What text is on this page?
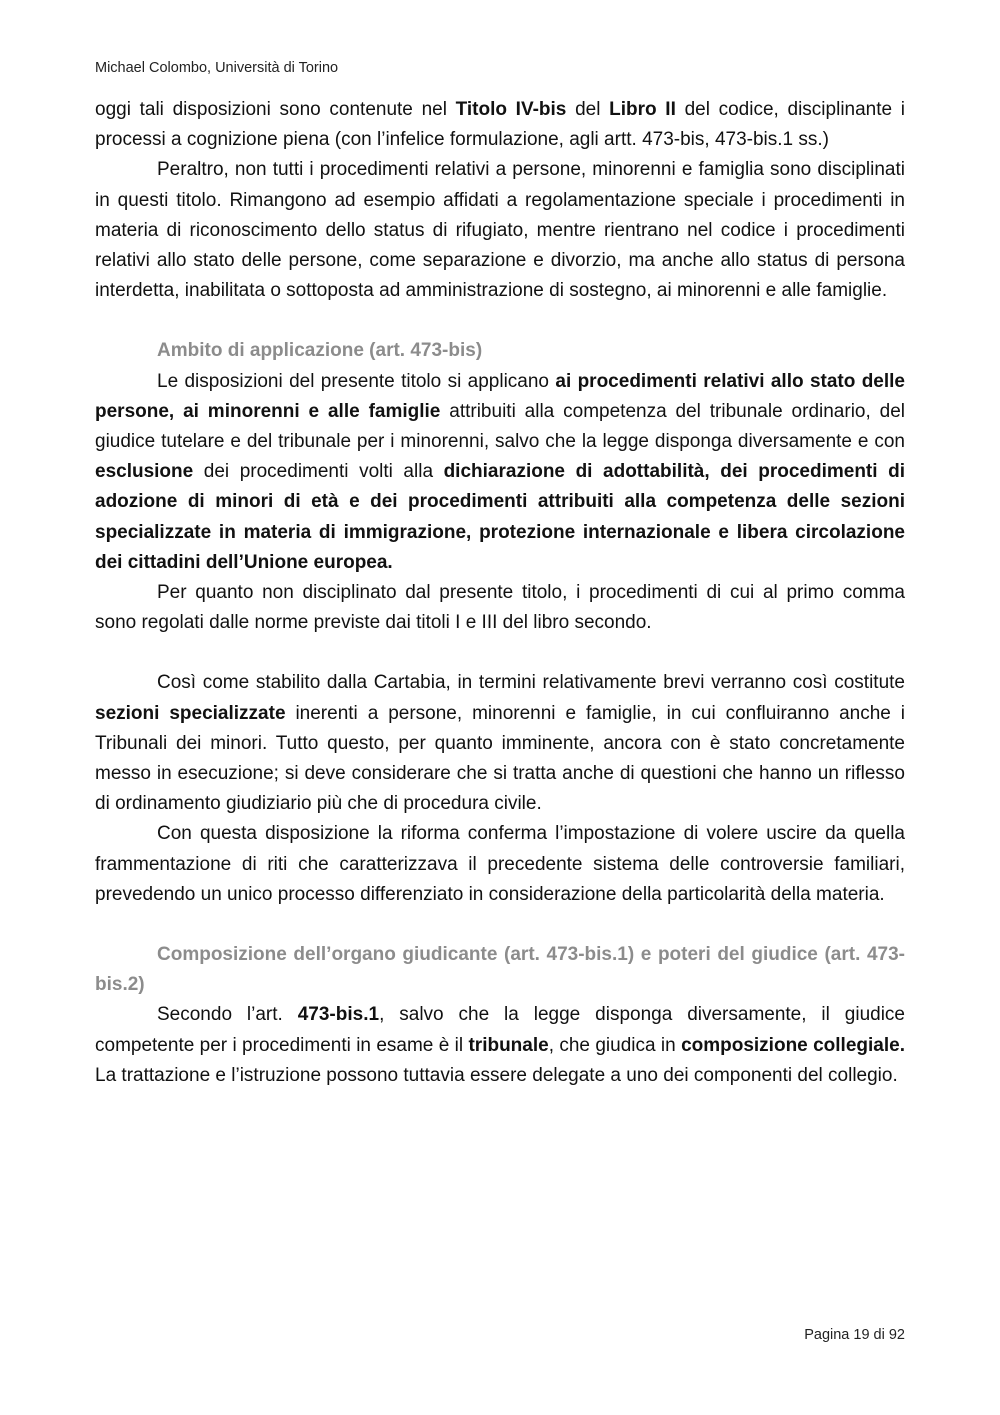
Michael Colombo, Università di Torino

oggi tali disposizioni sono contenute nel Titolo IV-bis del Libro II del codice, disciplinante i processi a cognizione piena (con l’infelice formulazione, agli artt. 473-bis, 473-bis.1 ss.)

Peraltro, non tutti i procedimenti relativi a persone, minorenni e famiglia sono disciplinati in questi titolo. Rimangono ad esempio affidati a regolamentazione speciale i procedimenti in materia di riconoscimento dello status di rifugiato, mentre rientrano nel codice i procedimenti relativi allo stato delle persone, come separazione e divorzio, ma anche allo status di persona interdetta, inabilitata o sottoposta ad amministrazione di sostegno, ai minorenni e alle famiglie.

Ambito di applicazione (art. 473-bis)

Le disposizioni del presente titolo si applicano ai procedimenti relativi allo stato delle persone, ai minorenni e alle famiglie attribuiti alla competenza del tribunale ordinario, del giudice tutelare e del tribunale per i minorenni, salvo che la legge disponga diversamente e con esclusione dei procedimenti volti alla dichiarazione di adottabilità, dei procedimenti di adozione di minori di età e dei procedimenti attribuiti alla competenza delle sezioni specializzate in materia di immigrazione, protezione internazionale e libera circolazione dei cittadini dell’Unione europea.

Per quanto non disciplinato dal presente titolo, i procedimenti di cui al primo comma sono regolati dalle norme previste dai titoli I e III del libro secondo.

Così come stabilito dalla Cartabia, in termini relativamente brevi verranno così costitute sezioni specializzate inerenti a persone, minorenni e famiglie, in cui confluiranno anche i Tribunali dei minori. Tutto questo, per quanto imminente, ancora con è stato concretamente messo in esecuzione; si deve considerare che si tratta anche di questioni che hanno un riflesso di ordinamento giudiziario più che di procedura civile.

Con questa disposizione la riforma conferma l’impostazione di volere uscire da quella frammentazione di riti che caratterizzava il precedente sistema delle controversie familiari, prevedendo un unico processo differenziato in considerazione della particolarità della materia.

Composizione dell’organo giudicante (art. 473-bis.1) e poteri del giudice (art. 473-bis.2)

Secondo l’art. 473-bis.1, salvo che la legge disponga diversamente, il giudice competente per i procedimenti in esame è il tribunale, che giudica in composizione collegiale. La trattazione e l’istruzione possono tuttavia essere delegate a uno dei componenti del collegio.

Pagina 19 di 92
